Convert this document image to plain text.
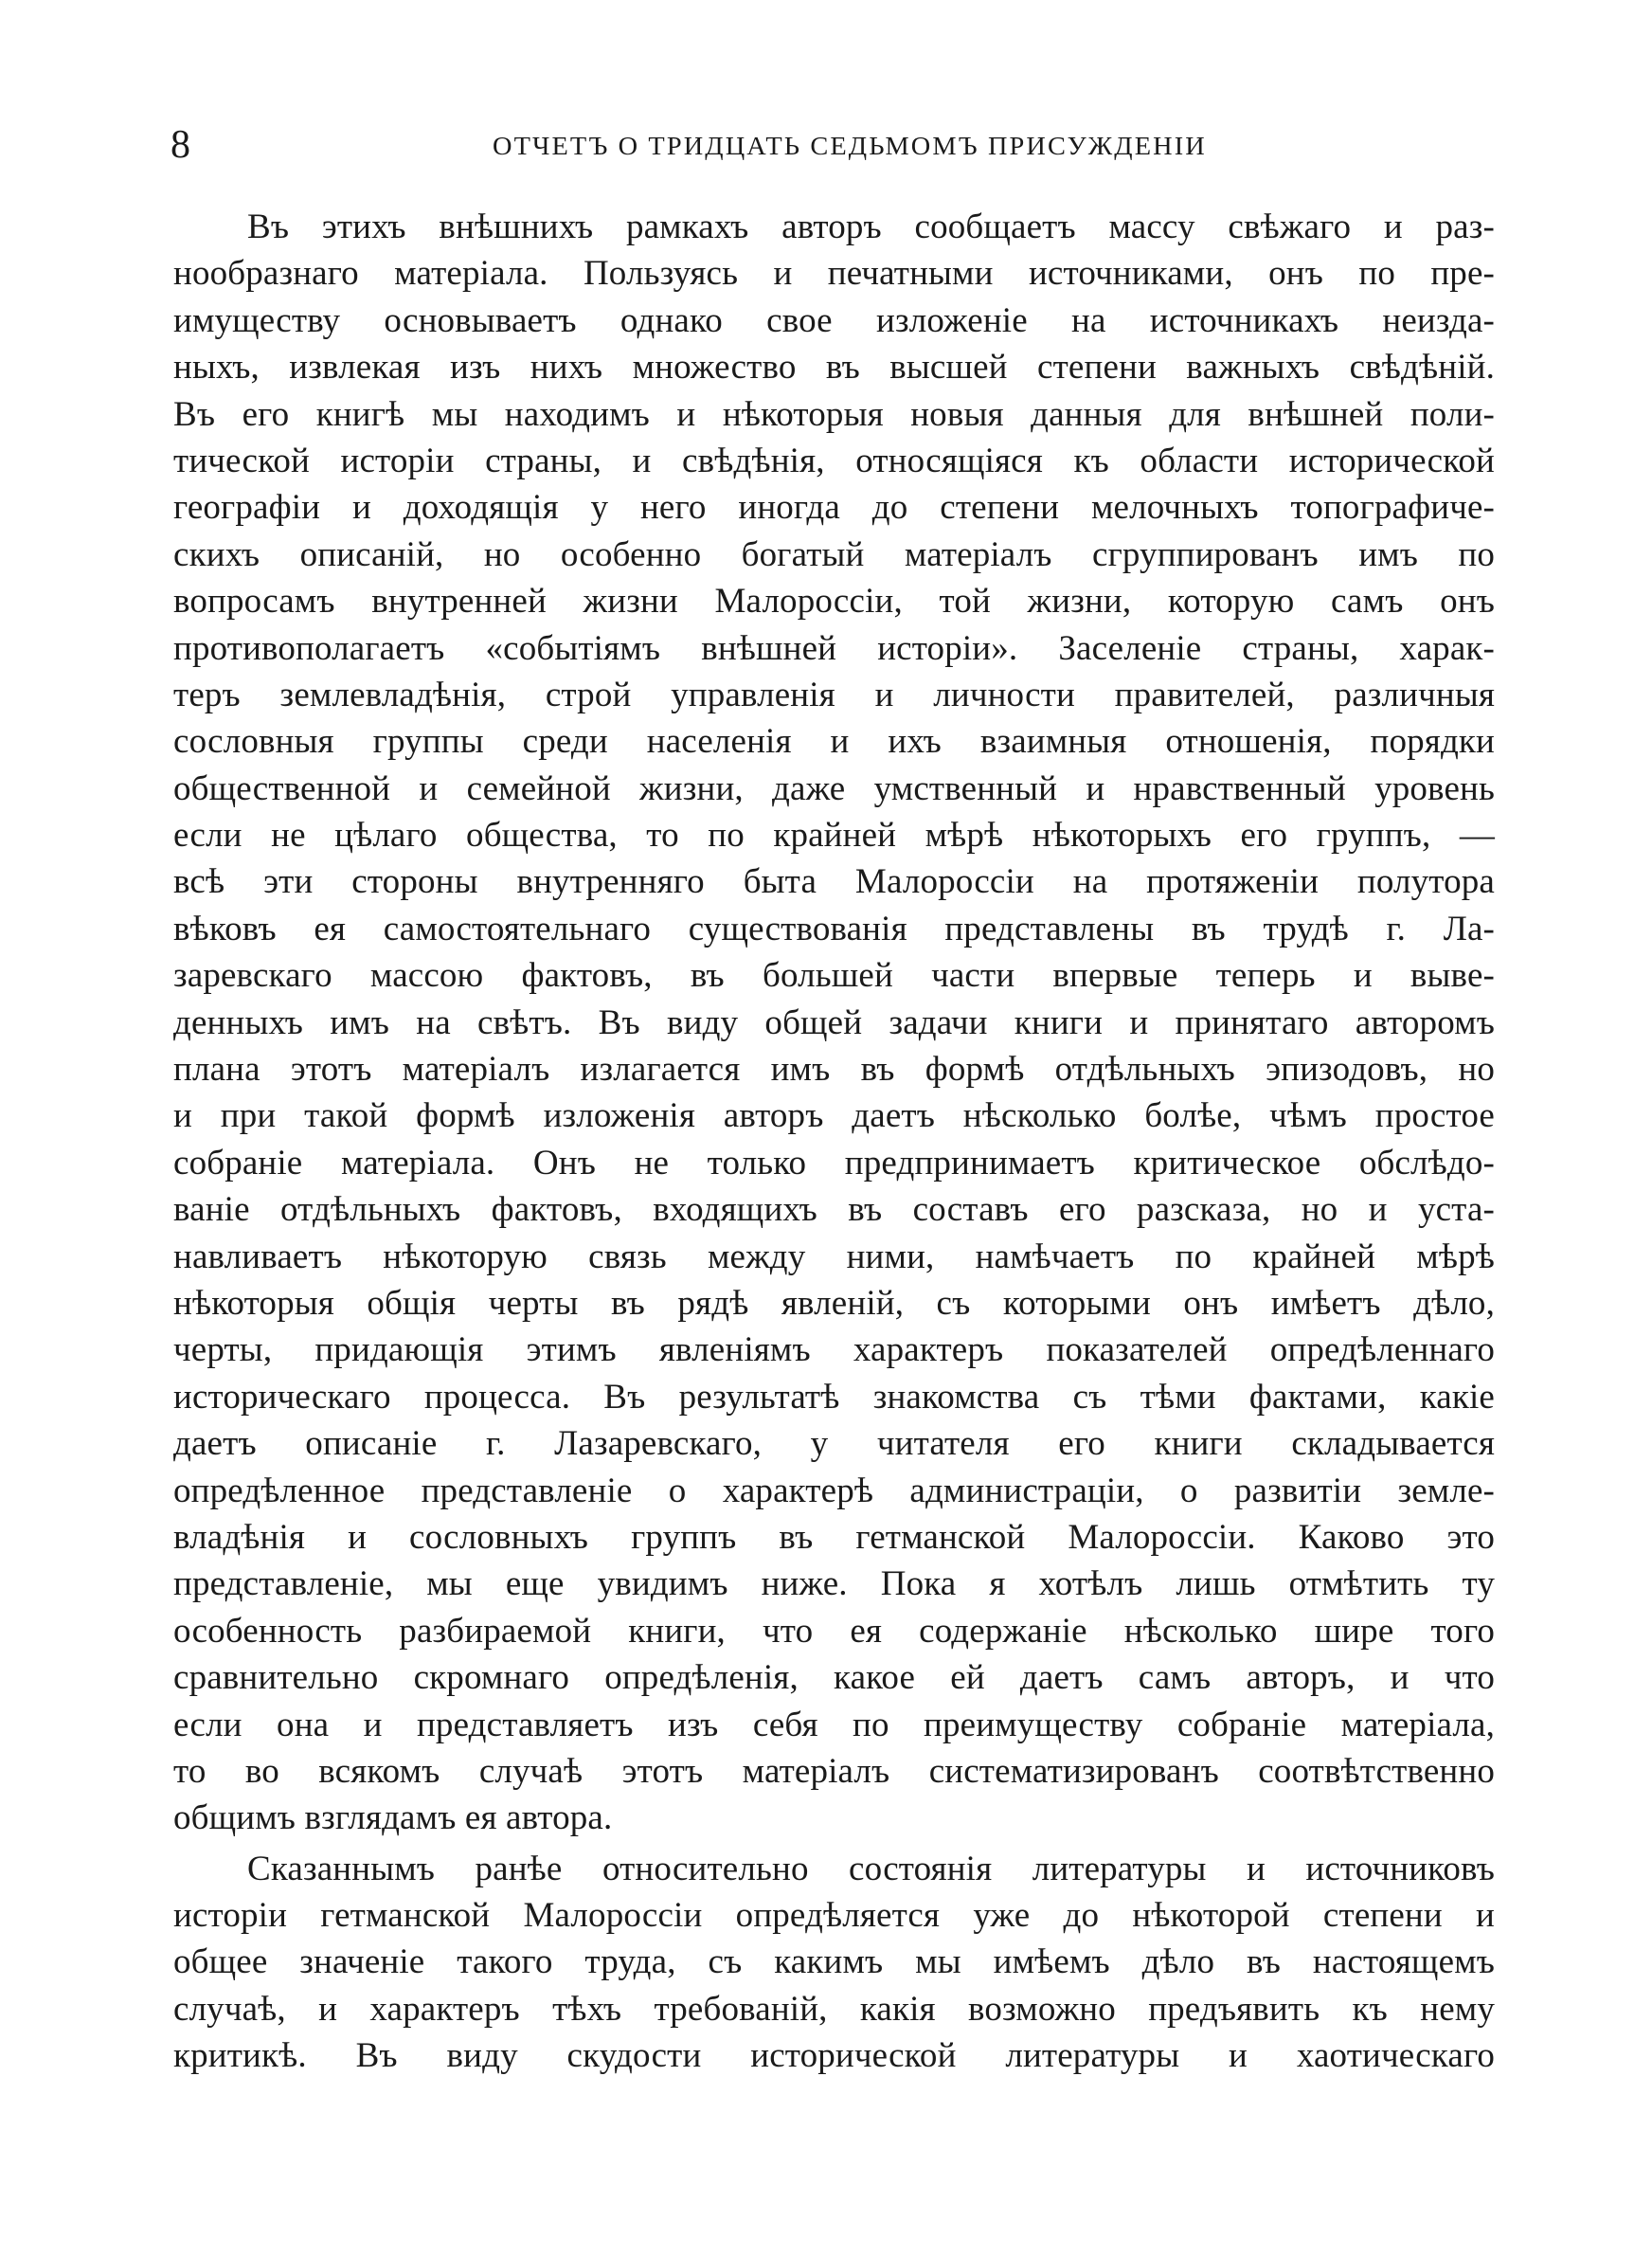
8	ОТЧЕТЪ О ТРИДЦАТЬ СЕДЬМОМЪ ПРИСУЖДЕНІИ

Въ этихъ внѣшнихъ рамкахъ авторъ сообщаетъ массу свѣжаго и раз-
нообразнаго матеріала. Пользуясь и печатными источниками, онъ по пре-
имуществу основываетъ однако свое изложеніе на источникахъ неизда-
ныхъ, извлекая изъ нихъ множество въ высшей степени важныхъ свѣдѣній.
Въ его книгѣ мы находимъ и нѣкоторыя новыя данныя для внѣшней поли-
тической исторіи страны, и свѣдѣнія, относящіяся къ области исторической
географіи и доходящія у него иногда до степени мелочныхъ топографиче-
скихъ описаній, но особенно богатый матеріалъ сгруппированъ имъ по
вопросамъ внутренней жизни Малороссіи, той жизни, которую самъ онъ
противополагаетъ «событіямъ внѣшней исторіи». Заселеніе страны, харак-
теръ землевладѣнія, строй управленія и личности правителей, различныя
сословныя группы среди населенія и ихъ взаимныя отношенія, порядки
общественной и семейной жизни, даже умственный и нравственный уровень
если не цѣлаго общества, то по крайней мѣрѣ нѣкоторыхъ его группъ, —
всѣ эти стороны внутренняго быта Малороссіи на протяженіи полутора
вѣковъ ея самостоятельнаго существованія представлены въ трудѣ г. Ла-
заревскаго массою фактовъ, въ большей части впервые теперь и выве-
денныхъ имъ на свѣтъ. Въ виду общей задачи книги и принятаго авторомъ
плана этотъ матеріалъ излагается имъ въ формѣ отдѣльныхъ эпизодовъ, но
и при такой формѣ изложенія авторъ даетъ нѣсколько болѣе, чѣмъ простое
собраніе матеріала. Онъ не только предпринимаетъ критическое обслѣдо-
ваніе отдѣльныхъ фактовъ, входящихъ въ составъ его разсказа, но и уста-
навливаетъ нѣкоторую связь между ними, намѣчаетъ по крайней мѣрѣ
нѣкоторыя общія черты въ рядѣ явленій, съ которыми онъ имѣетъ дѣло,
черты, придающія этимъ явленіямъ характеръ показателей опредѣленнаго
историческаго процесса. Въ результатѣ знакомства съ тѣми фактами, какіе
даетъ описаніе г. Лазаревскаго, у читателя его книги складывается
опредѣленное представленіе о характерѣ администраціи, о развитіи земле-
владѣнія и сословныхъ группъ въ гетманской Малороссіи. Каково это
представленіе, мы еще увидимъ ниже. Пока я хотѣлъ лишь отмѣтить ту
особенность разбираемой книги, что ея содержаніе нѣсколько шире того
сравнительно скромнаго опредѣленія, какое ей даетъ самъ авторъ, и что
если она и представляетъ изъ себя по преимуществу собраніе матеріала,
то во всякомъ случаѣ этотъ матеріалъ систематизированъ соотвѣтственно
общимъ взглядамъ ея автора.

Сказаннымъ ранѣе относительно состоянія литературы и источниковъ
исторіи гетманской Малороссіи опредѣляется уже до нѣкоторой степени и
общее значеніе такого труда, съ какимъ мы имѣемъ дѣло въ настоящемъ
случаѣ, и характеръ тѣхъ требованій, какія возможно предъявить къ нему
критикѣ. Въ виду скудости исторической литературы и хаотическаго
